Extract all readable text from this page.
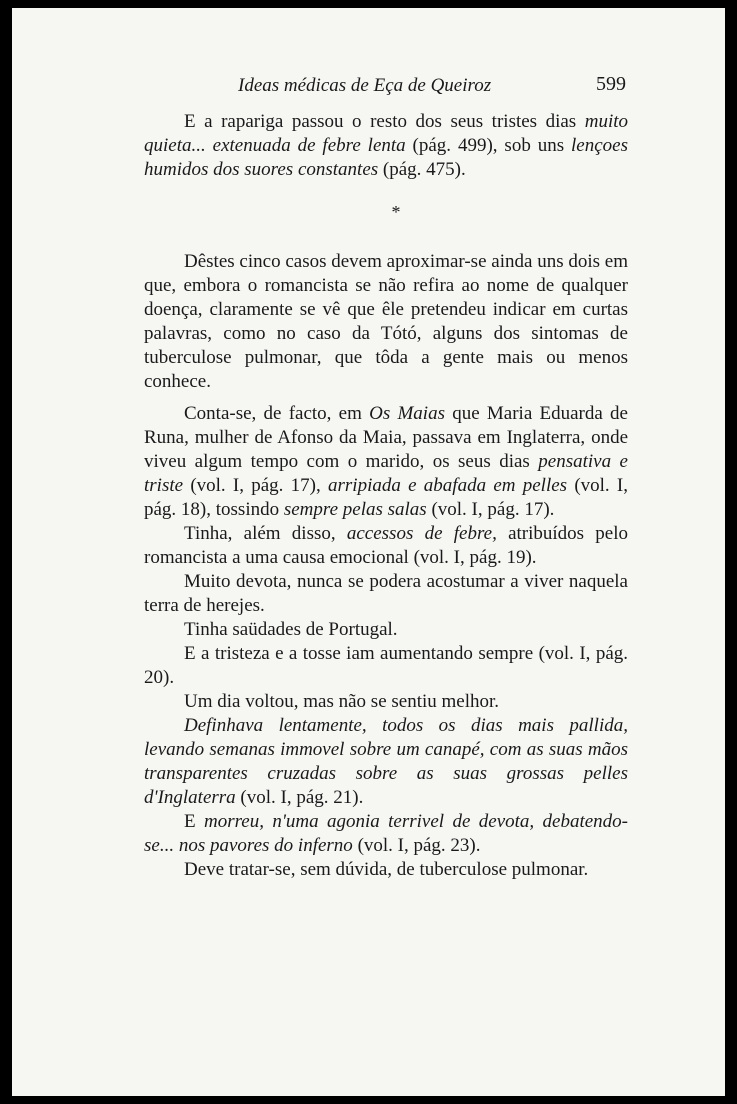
Ideas médicas de Eça de Queiroz	599

E a rapariga passou o resto dos seus tristes dias muito quieta... extenuada de febre lenta (pág. 499), sob uns lençoes humidos dos suores constantes (pág. 475).

*

Dêstes cinco casos devem aproximar-se ainda uns dois em que, embora o romancista se não refira ao nome de qualquer doença, claramente se vê que êle pretendeu indicar em curtas palavras, como no caso da Tótó, alguns dos sintomas de tuberculose pulmonar, que tôda a gente mais ou menos conhece.

Conta-se, de facto, em Os Maias que Maria Eduarda de Runa, mulher de Afonso da Maia, passava em Inglaterra, onde viveu algum tempo com o marido, os seus dias pensativa e triste (vol. I, pág. 17), arripiada e abafada em pelles (vol. I, pág. 18), tossindo sempre pelas salas (vol. I, pág. 17).

Tinha, além disso, accessos de febre, atribuídos pelo romancista a uma causa emocional (vol. I, pág. 19).

Muito devota, nunca se podera acostumar a viver naquela terra de herejes.

Tinha saüdades de Portugal.

E a tristeza e a tosse iam aumentando sempre (vol. I, pág. 20).

Um dia voltou, mas não se sentiu melhor.

Definhava lentamente, todos os dias mais pallida, levando semanas immovel sobre um canapé, com as suas mãos transparentes cruzadas sobre as suas grossas pelles d'Inglaterra (vol. I, pág. 21).

E morreu, n'uma agonia terrivel de devota, debatendo-se... nos pavores do inferno (vol. I, pág. 23).

Deve tratar-se, sem dúvida, de tuberculose pulmonar.
